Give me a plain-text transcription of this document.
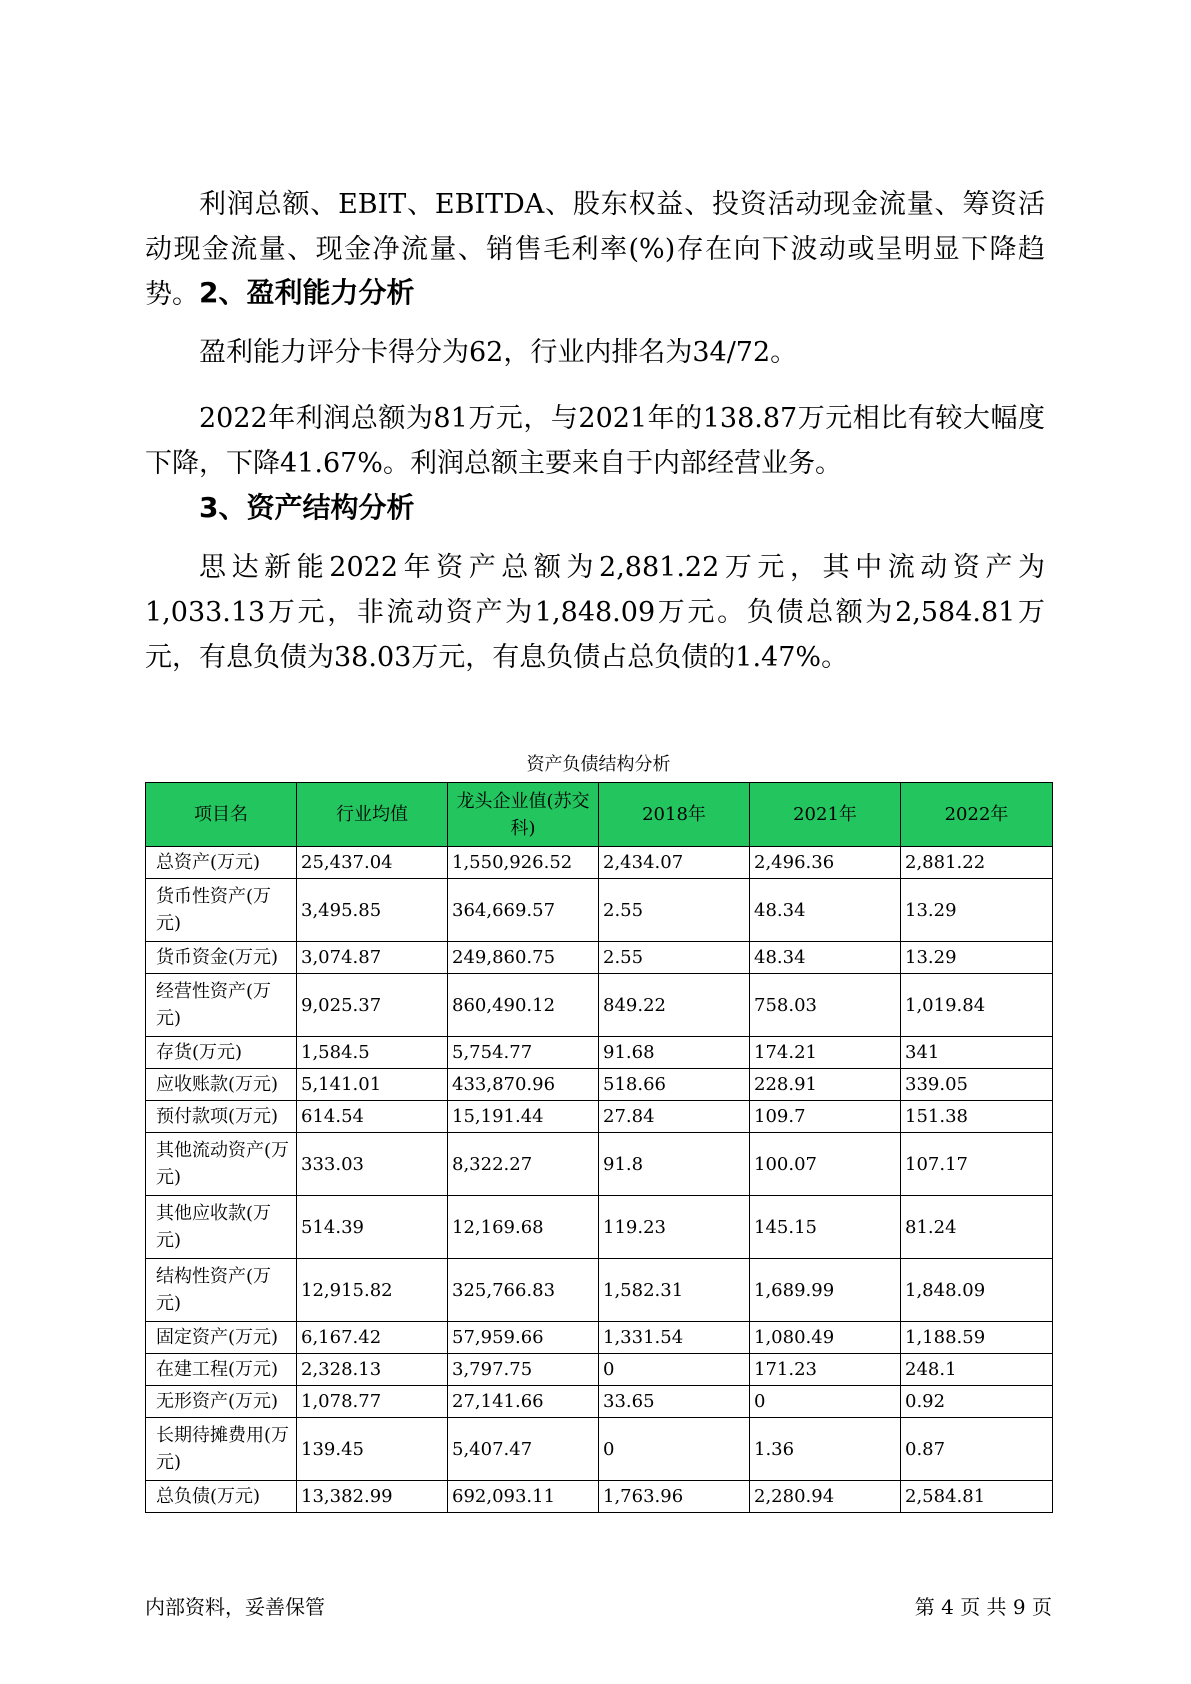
利润总额、EBIT、EBITDA、股东权益、投资活动现金流量、筹资活动现金流量、现金净流量、销售毛利率(%)存在向下波动或呈明显下降趋势。 2、盈利能力分析

盈利能力评分卡得分为62，行业内排名为34/72。

2022年利润总额为81万元，与2021年的138.87万元相比有较大幅度下降，下降41.67%。利润总额主要来自于内部经营业务。

3、资产结构分析

思达新能2022年资产总额为2,881.22万元，其中流动资产为1,033.13万元，非流动资产为1,848.09万元。负债总额为2,584.81万元，有息负债为38.03万元，有息负债占总负债的1.47%。

资产负债结构分析

项目名	行业均值	龙头企业值(苏交科)	2018年	2021年	2022年
总资产(万元)	25,437.04	1,550,926.52	2,434.07	2,496.36	2,881.22
货币性资产(万元)	3,495.85	364,669.57	2.55	48.34	13.29
货币资金(万元)	3,074.87	249,860.75	2.55	48.34	13.29
经营性资产(万元)	9,025.37	860,490.12	849.22	758.03	1,019.84
存货(万元)	1,584.5	5,754.77	91.68	174.21	341
应收账款(万元)	5,141.01	433,870.96	518.66	228.91	339.05
预付款项(万元)	614.54	15,191.44	27.84	109.7	151.38
其他流动资产(万元)	333.03	8,322.27	91.8	100.07	107.17
其他应收款(万元)	514.39	12,169.68	119.23	145.15	81.24
结构性资产(万元)	12,915.82	325,766.83	1,582.31	1,689.99	1,848.09
固定资产(万元)	6,167.42	57,959.66	1,331.54	1,080.49	1,188.59
在建工程(万元)	2,328.13	3,797.75	0	171.23	248.1
无形资产(万元)	1,078.77	27,141.66	33.65	0	0.92
长期待摊费用(万元)	139.45	5,407.47	0	1.36	0.87
总负债(万元)	13,382.99	692,093.11	1,763.96	2,280.94	2,584.81

内部资料，妥善保管	第 4 页 共 9 页
